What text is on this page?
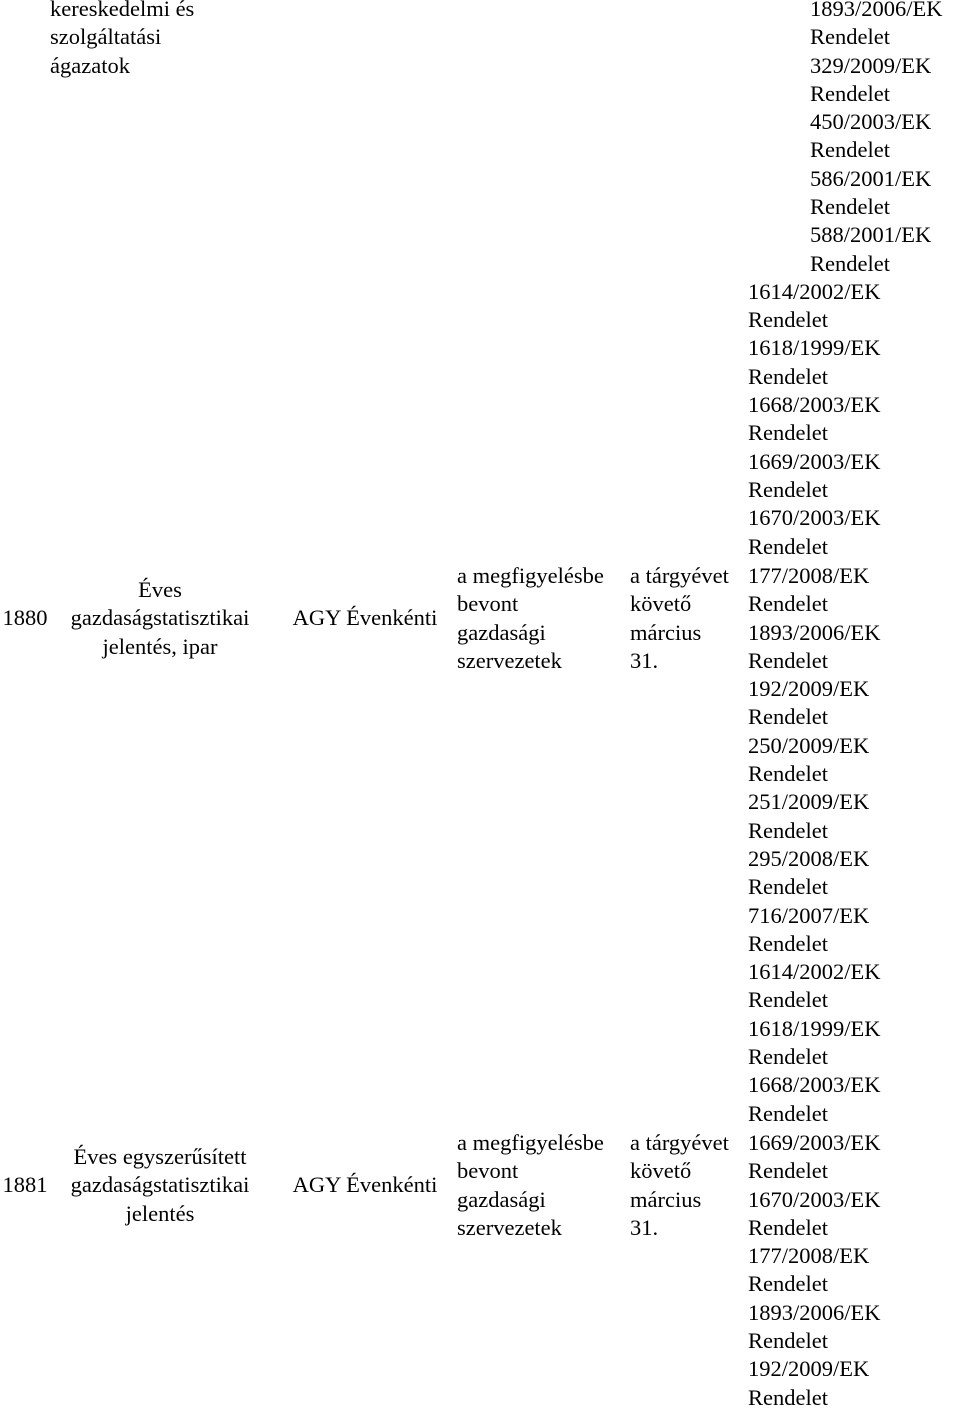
kereskedelmi és
szolgáltatási
ágazatok
1893/2006/EK
Rendelet
329/2009/EK
Rendelet
450/2003/EK
Rendelet
586/2001/EK
Rendelet
588/2001/EK
Rendelet
1614/2002/EK
Rendelet
1618/1999/EK
Rendelet
1668/2003/EK
Rendelet
1669/2003/EK
Rendelet
1670/2003/EK
Rendelet
1880
Éves
gazdaságstatisztikai
jelentés, ipar
AGY Évenkénti
a megfigyelésbe
bevont
gazdasági
szervezetek
a tárgyévet
követő
március
31.
177/2008/EK
Rendelet
1893/2006/EK
Rendelet
192/2009/EK
Rendelet
250/2009/EK
Rendelet
251/2009/EK
Rendelet
295/2008/EK
Rendelet
716/2007/EK
Rendelet
1614/2002/EK
Rendelet
1618/1999/EK
Rendelet
1668/2003/EK
Rendelet
1881
Éves egyszerűsített
gazdaságstatisztikai
jelentés
AGY Évenkénti
a megfigyelésbe
bevont
gazdasági
szervezetek
a tárgyévet
követő
március
31.
1669/2003/EK
Rendelet
1670/2003/EK
Rendelet
177/2008/EK
Rendelet
1893/2006/EK
Rendelet
192/2009/EK
Rendelet
